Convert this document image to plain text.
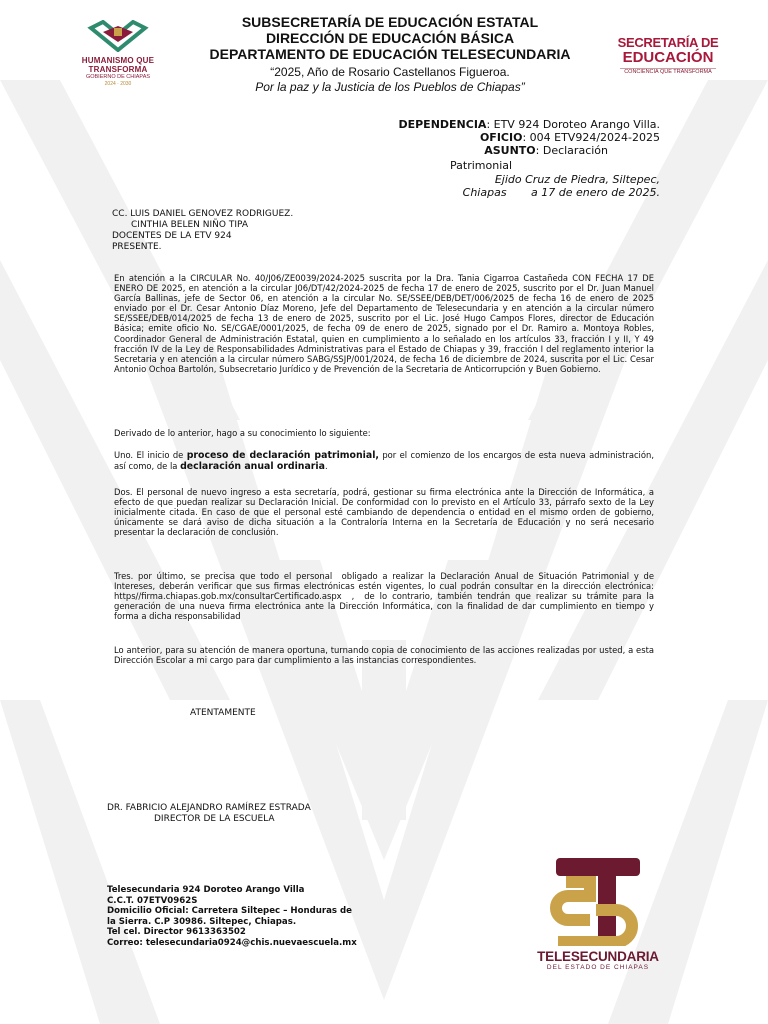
HUMANISMO QUE
TRANSFORMA
GOBIERNO DE CHIAPAS
2024 · 2030
SUBSECRETARÍA DE EDUCACIÓN ESTATAL
DIRECCIÓN DE EDUCACIÓN BÁSICA
DEPARTAMENTO DE EDUCACIÓN TELESECUNDARIA
“2025, Año de Rosario Castellanos Figueroa.
Por la paz y la Justicia de los Pueblos de Chiapas”
SECRETARÍA DE
EDUCACIÓN
CONCIENCIA QUE TRANSFORMA
DEPENDENCIA: ETV 924 Doroteo Arango Villa.
OFICIO: 004 ETV924/2024-2025
ASUNTO: Declaración
Patrimonial
Ejido Cruz de Piedra, Siltepec,
Chiapas       a 17 de enero de 2025.
CC. LUIS DANIEL GENOVEZ RODRIGUEZ.
CINTHIA BELEN NIÑO TIPA
DOCENTES DE LA ETV 924
PRESENTE.
En atención a la CIRCULAR No. 40/J06/ZE0039/2024-2025 suscrita por la Dra. Tania Cigarroa Castañeda CON FECHA 17 DE ENERO DE 2025, en atención a la circular J06/DT/42/2024-2025 de fecha 17 de enero de 2025, suscrito por el Dr. Juan Manuel García Ballinas, jefe de Sector 06, en atención a la circular No. SE/SSEE/DEB/DET/006/2025 de fecha 16 de enero de 2025 enviado por el Dr. Cesar Antonio Díaz Moreno, Jefe del Departamento de Telesecundaria y en atención a la circular número SE/SSEE/DEB/014/2025 de fecha 13 de enero de 2025, suscrito por el Lic. José Hugo Campos Flores, director de Educación Básica; emite oficio No. SE/CGAE/0001/2025, de fecha 09 de enero de 2025, signado por el Dr. Ramiro a. Montoya Robles, Coordinador General de Administración Estatal, quien en cumplimiento a lo señalado en los artículos 33, fracción I y II, Y 49 fracción IV de la Ley de Responsabilidades Administrativas para el Estado de Chiapas y 39, fracción I del reglamento interior la Secretaria y en atención a la circular número SABG/SSJP/001/2024, de fecha 16 de diciembre de 2024, suscrita por el Lic. Cesar Antonio Ochoa Bartolón, Subsecretario Jurídico y de Prevención de la Secretaria de Anticorrupción y Buen Gobierno.
Derivado de lo anterior, hago a su conocimiento lo siguiente:
Uno. El inicio de proceso de declaración patrimonial, por el comienzo de los encargos de esta nueva administración, así como, de la declaración anual ordinaria.
Dos. El personal de nuevo ingreso a esta secretaría, podrá, gestionar su firma electrónica ante la Dirección de Informática, a efecto de que puedan realizar su Declaración Inicial. De conformidad con lo previsto en el Artículo 33, párrafo sexto de la Ley inicialmente citada. En caso de que el personal esté cambiando de dependencia o entidad en el mismo orden de gobierno, únicamente se dará aviso de dicha situación a la Contraloría Interna en la Secretaría de Educación y no será necesario presentar la declaración de conclusión.
Tres. por último, se precisa que todo el personal  obligado a realizar la Declaración Anual de Situación Patrimonial y de Intereses, deberán verificar que sus firmas electrónicas estén vigentes, lo cual podrán consultar en la dirección electrónica: https//firma.chiapas.gob.mx/consultarCertificado.aspx  ,  de lo contrario, también tendrán que realizar su trámite para la generación de una nueva firma electrónica ante la Dirección Informática, con la finalidad de dar cumplimiento en tiempo y forma a dicha responsabilidad
Lo anterior, para su atención de manera oportuna, turnando copia de conocimiento de las acciones realizadas por usted, a esta Dirección Escolar a mi cargo para dar cumplimiento a las instancias correspondientes.
ATENTAMENTE
DR. FABRICIO ALEJANDRO RAMÍREZ ESTRADA
DIRECTOR DE LA ESCUELA
Telesecundaria 924 Doroteo Arango Villa
C.C.T. 07ETV0962S
Domicilio Oficial: Carretera Siltepec – Honduras de
la Sierra. C.P 30986. Siltepec, Chiapas.
Tel cel. Director 9613363502
Correo: telesecundaria0924@chis.nuevaescuela.mx
TELESECUNDARIA
DEL ESTADO DE CHIAPAS
